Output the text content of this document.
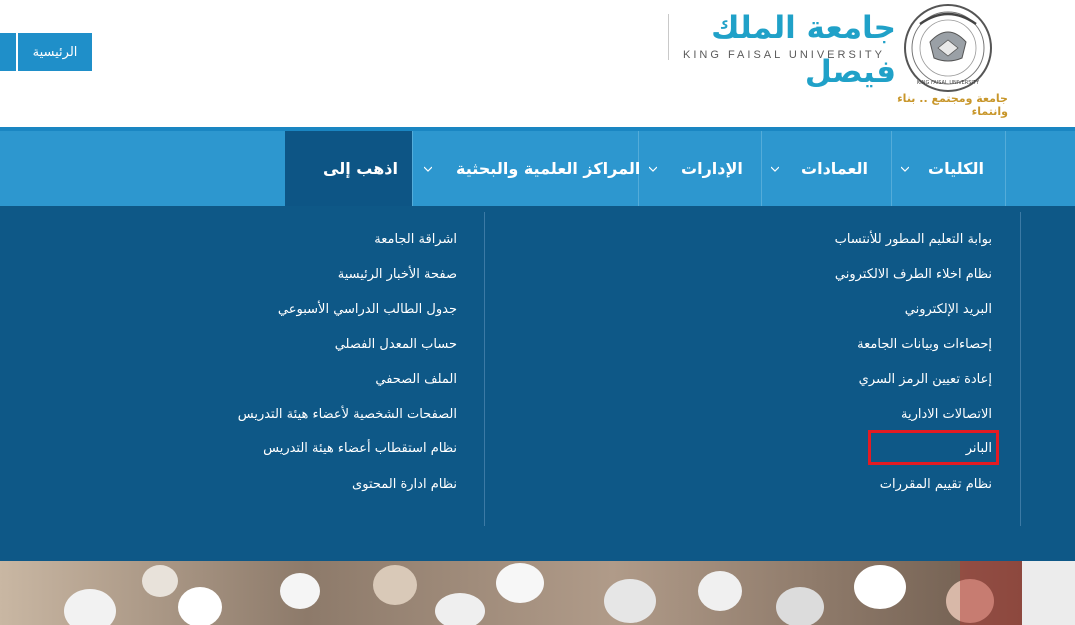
الرئيسية
جامعة الملك فيصل
KING FAISAL UNIVERSITY
KING FAISAL UNIVERSITY
جامعة ومجتمع .. بناء وانتماء
الكليات
العمادات
الإدارات
المراكز العلمية والبحثية
اذهب إلى
بوابة التعليم المطور للأنتساب
نظام اخلاء الطرف الالكتروني
البريد الإلكتروني
إحصاءات وبيانات الجامعة
إعادة تعيين الرمز السري
الاتصالات الادارية
البانر
نظام تقييم المقررات
اشراقة الجامعة
صفحة الأخبار الرئيسية
جدول الطالب الدراسي الأسبوعي
حساب المعدل الفصلي
الملف الصحفي
الصفحات الشخصية لأعضاء هيئة التدريس
نظام استقطاب أعضاء هيئة التدريس
نظام ادارة المحتوى
